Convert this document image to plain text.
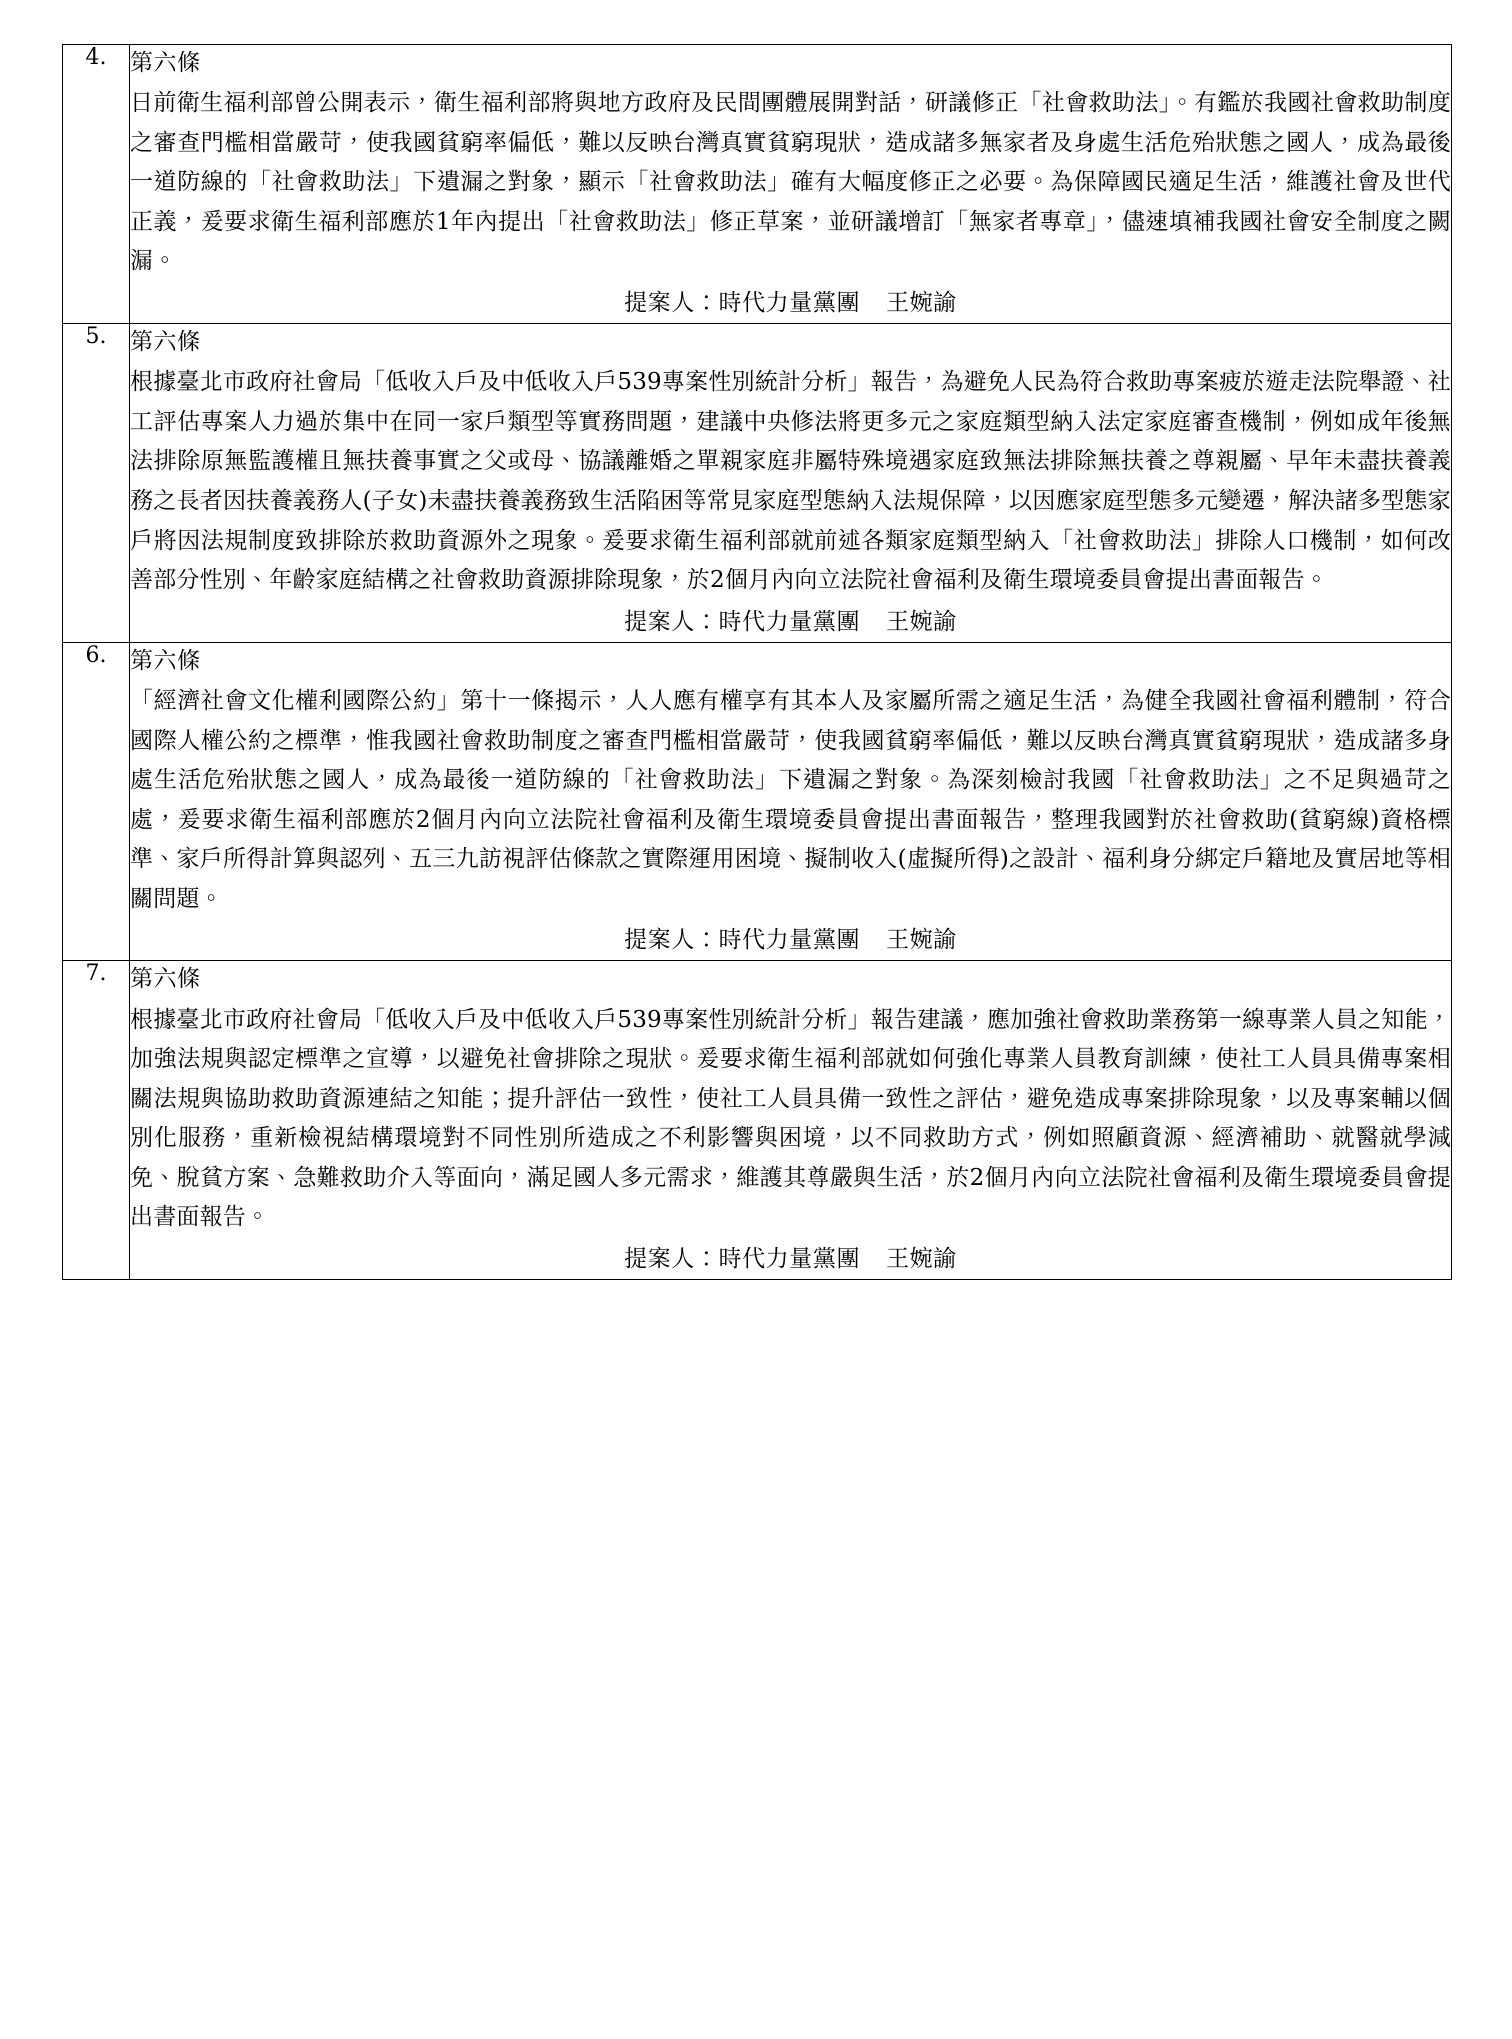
4.	第六條
日前衛生福利部曾公開表示，衛生福利部將與地方政府及民間團體展開對話，研議修正「社會救助法」。有鑑於我國社會救助制度之審查門檻相當嚴苛，使我國貧窮率偏低，難以反映台灣真實貧窮現狀，造成諸多無家者及身處生活危殆狀態之國人，成為最後一道防線的「社會救助法」下遺漏之對象，顯示「社會救助法」確有大幅度修正之必要。為保障國民適足生活，維護社會及世代正義，爰要求衛生福利部應於1年內提出「社會救助法」修正草案，並研議增訂「無家者專章」，儘速填補我國社會安全制度之闕漏。
提案人：時代力量黨團 王婉諭

5.	第六條
根據臺北市政府社會局「低收入戶及中低收入戶539專案性別統計分析」報告，為避免人民為符合救助專案疲於遊走法院舉證、社工評估專案人力過於集中在同一家戶類型等實務問題，建議中央修法將更多元之家庭類型納入法定家庭審查機制，例如成年後無法排除原無監護權且無扶養事實之父或母、協議離婚之單親家庭非屬特殊境遇家庭致無法排除無扶養之尊親屬、早年未盡扶養義務之長者因扶養義務人(子女)未盡扶養義務致生活陷困等常見家庭型態納入法規保障，以因應家庭型態多元變遷，解決諸多型態家戶將因法規制度致排除於救助資源外之現象。爰要求衛生福利部就前述各類家庭類型納入「社會救助法」排除人口機制，如何改善部分性別、年齡家庭結構之社會救助資源排除現象，於2個月內向立法院社會福利及衛生環境委員會提出書面報告。
提案人：時代力量黨團 王婉諭

6.	第六條
「經濟社會文化權利國際公約」第十一條揭示，人人應有權享有其本人及家屬所需之適足生活，為健全我國社會福利體制，符合國際人權公約之標準，惟我國社會救助制度之審查門檻相當嚴苛，使我國貧窮率偏低，難以反映台灣真實貧窮現狀，造成諸多身處生活危殆狀態之國人，成為最後一道防線的「社會救助法」下遺漏之對象。為深刻檢討我國「社會救助法」之不足與過苛之處，爰要求衛生福利部應於2個月內向立法院社會福利及衛生環境委員會提出書面報告，整理我國對於社會救助(貧窮線)資格標準、家戶所得計算與認列、五三九訪視評估條款之實際運用困境、擬制收入(虛擬所得)之設計、福利身分綁定戶籍地及實居地等相關問題。
提案人：時代力量黨團 王婉諭

7.	第六條
根據臺北市政府社會局「低收入戶及中低收入戶539專案性別統計分析」報告建議，應加強社會救助業務第一線專業人員之知能，加強法規與認定標準之宣導，以避免社會排除之現狀。爰要求衛生福利部就如何強化專業人員教育訓練，使社工人員具備專案相關法規與協助救助資源連結之知能；提升評估一致性，使社工人員具備一致性之評估，避免造成專案排除現象，以及專案輔以個別化服務，重新檢視結構環境對不同性別所造成之不利影響與困境，以不同救助方式，例如照顧資源、經濟補助、就醫就學減免、脫貧方案、急難救助介入等面向，滿足國人多元需求，維護其尊嚴與生活，於2個月內向立法院社會福利及衛生環境委員會提出書面報告。
提案人：時代力量黨團 王婉諭
